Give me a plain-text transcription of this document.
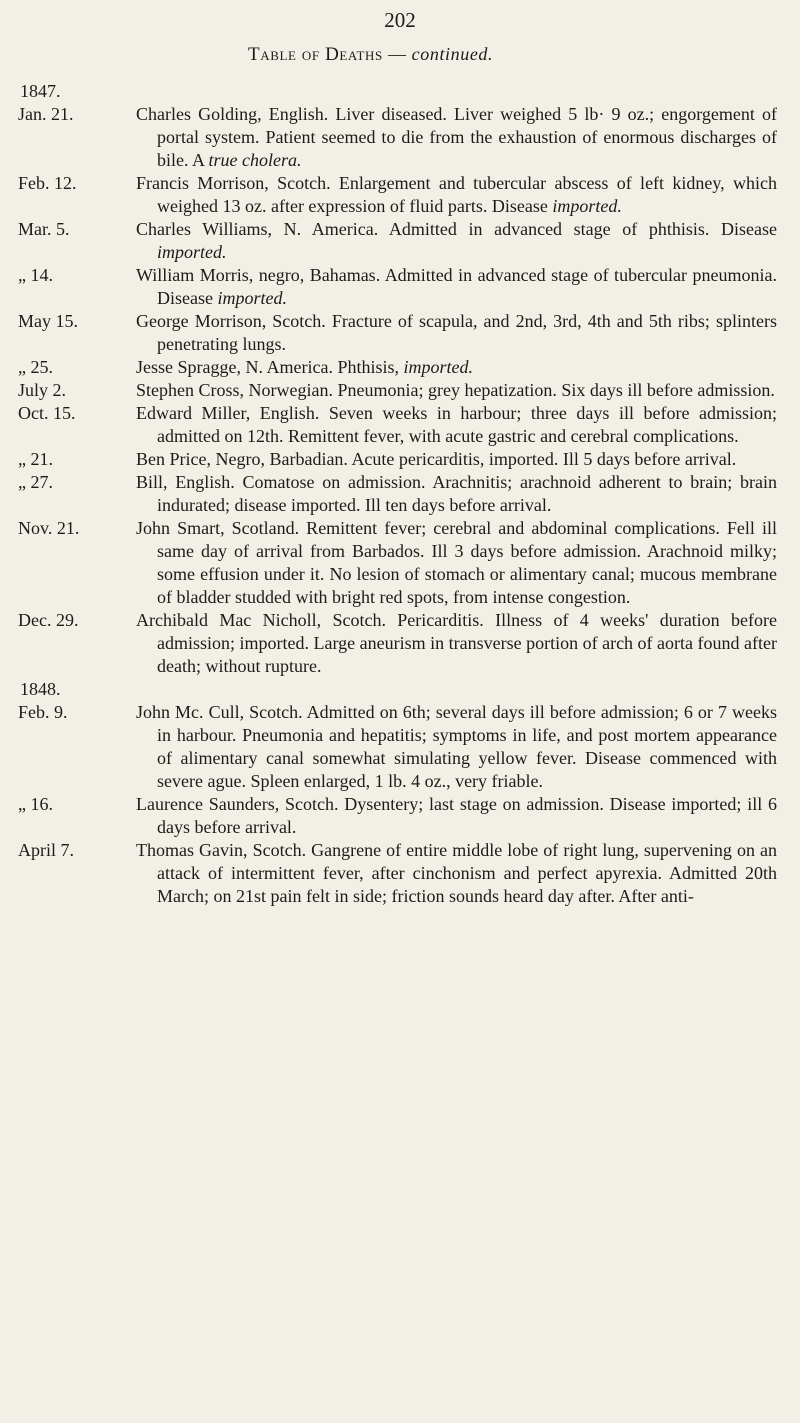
202
Table of Deaths — continued.
1847.
Jan. 21.	Charles Golding, English. Liver diseased. Liver weighed 5 lb· 9 oz.; engorgement of portal system. Patient seemed to die from the exhaustion of enormous discharges of bile. A true cholera.
Feb. 12.	Francis Morrison, Scotch. Enlargement and tubercular abscess of left kidney, which weighed 13 oz. after expression of fluid parts. Disease imported.
Mar. 5.	Charles Williams, N. America. Admitted in advanced stage of phthisis. Disease imported.
„ 14.	William Morris, negro, Bahamas. Admitted in advanced stage of tubercular pneumonia. Disease imported.
May 15.	George Morrison, Scotch. Fracture of scapula, and 2nd, 3rd, 4th and 5th ribs; splinters penetrating lungs.
„ 25.	Jesse Spragge, N. America. Phthisis, imported.
July 2.	Stephen Cross, Norwegian. Pneumonia; grey hepatization. Six days ill before admission.
Oct. 15.	Edward Miller, English. Seven weeks in harbour; three days ill before admission; admitted on 12th. Remittent fever, with acute gastric and cerebral complications.
„ 21.	Ben Price, Negro, Barbadian. Acute pericarditis, imported. Ill 5 days before arrival.
„ 27.	Bill, English. Comatose on admission. Arachnitis; arachnoid adherent to brain; brain indurated; disease imported. Ill ten days before arrival.
Nov. 21.	John Smart, Scotland. Remittent fever; cerebral and abdominal complications. Fell ill same day of arrival from Barbados. Ill 3 days before admission. Arachnoid milky; some effusion under it. No lesion of stomach or alimentary canal; mucous membrane of bladder studded with bright red spots, from intense congestion.
Dec. 29.	Archibald Mac Nicholl, Scotch. Pericarditis. Illness of 4 weeks' duration before admission; imported. Large aneurism in transverse portion of arch of aorta found after death; without rupture.
1848.
Feb. 9.	John Mc. Cull, Scotch. Admitted on 6th; several days ill before admission; 6 or 7 weeks in harbour. Pneumonia and hepatitis; symptoms in life, and post mortem appearance of alimentary canal somewhat simulating yellow fever. Disease commenced with severe ague. Spleen enlarged, 1 lb. 4 oz., very friable.
„ 16.	Laurence Saunders, Scotch. Dysentery; last stage on admission. Disease imported; ill 6 days before arrival.
April 7.	Thomas Gavin, Scotch. Gangrene of entire middle lobe of right lung, supervening on an attack of intermittent fever, after cinchonism and perfect apyrexia. Admitted 20th March; on 21st pain felt in side; friction sounds heard day after. After anti-
